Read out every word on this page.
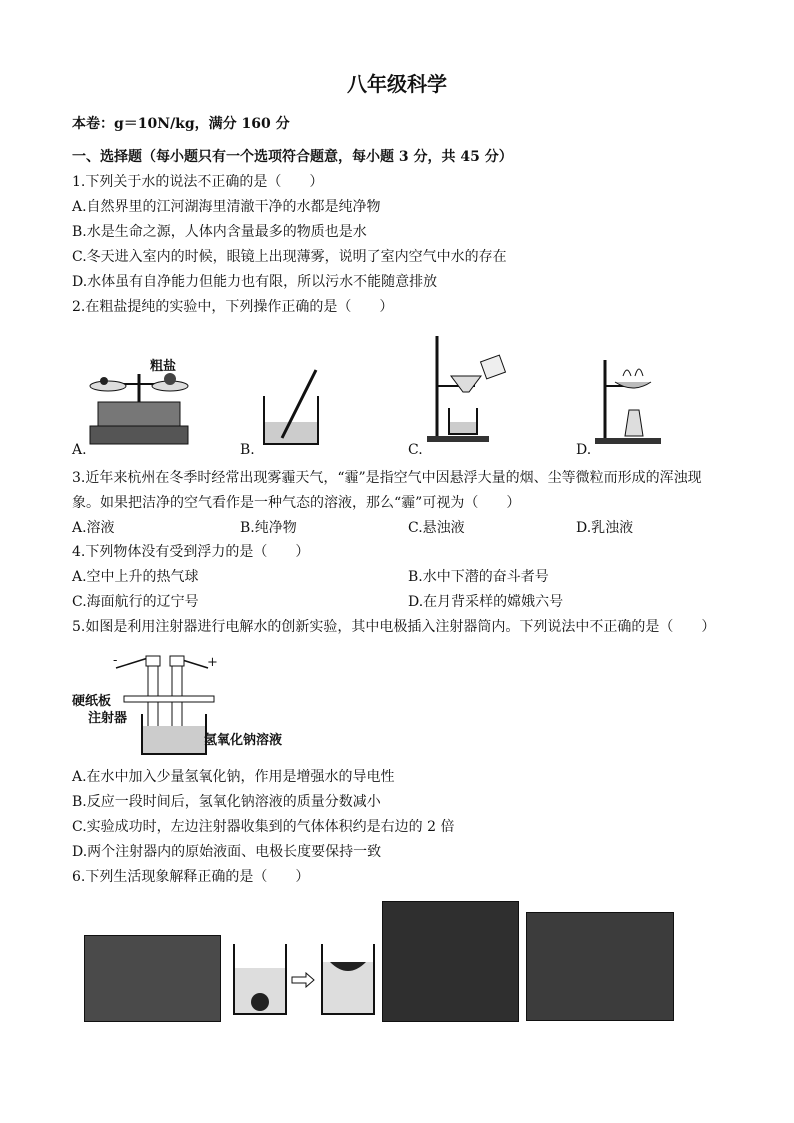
八年级科学
本卷：g＝10N/kg，满分 160 分
一、选择题（每小题只有一个选项符合题意，每小题 3 分，共 45 分）
1.下列关于水的说法不正确的是（　　）
A.自然界里的江河湖海里清澈干净的水都是纯净物
B.水是生命之源，人体内含量最多的物质也是水
C.冬天进入室内的时候，眼镜上出现薄雾，说明了室内空气中水的存在
D.水体虽有自净能力但能力也有限，所以污水不能随意排放
2.在粗盐提纯的实验中，下列操作正确的是（　　）
粗盐
A.	B.	C.	D.
3.近年来杭州在冬季时经常出现雾霾天气，“霾”是指空气中因悬浮大量的烟、尘等微粒而形成的浑浊现
象。如果把洁净的空气看作是一种气态的溶液，那么“霾”可视为（　　）
A.溶液	B.纯净物	C.悬浊液	D.乳浊液
4.下列物体没有受到浮力的是（　　）
A.空中上升的热气球	B.水中下潜的奋斗者号
C.海面航行的辽宁号	D.在月背采样的嫦娥六号
5.如图是利用注射器进行电解水的创新实验，其中电极插入注射器筒内。下列说法中不正确的是（　　）
-	+
硬纸板
注射器
氢氧化钠溶液
A.在水中加入少量氢氧化钠，作用是增强水的导电性
B.反应一段时间后，氢氧化钠溶液的质量分数减小
C.实验成功时，左边注射器收集到的气体体积约是右边的 2 倍
D.两个注射器内的原始液面、电极长度要保持一致
6.下列生活现象解释正确的是（　　）
